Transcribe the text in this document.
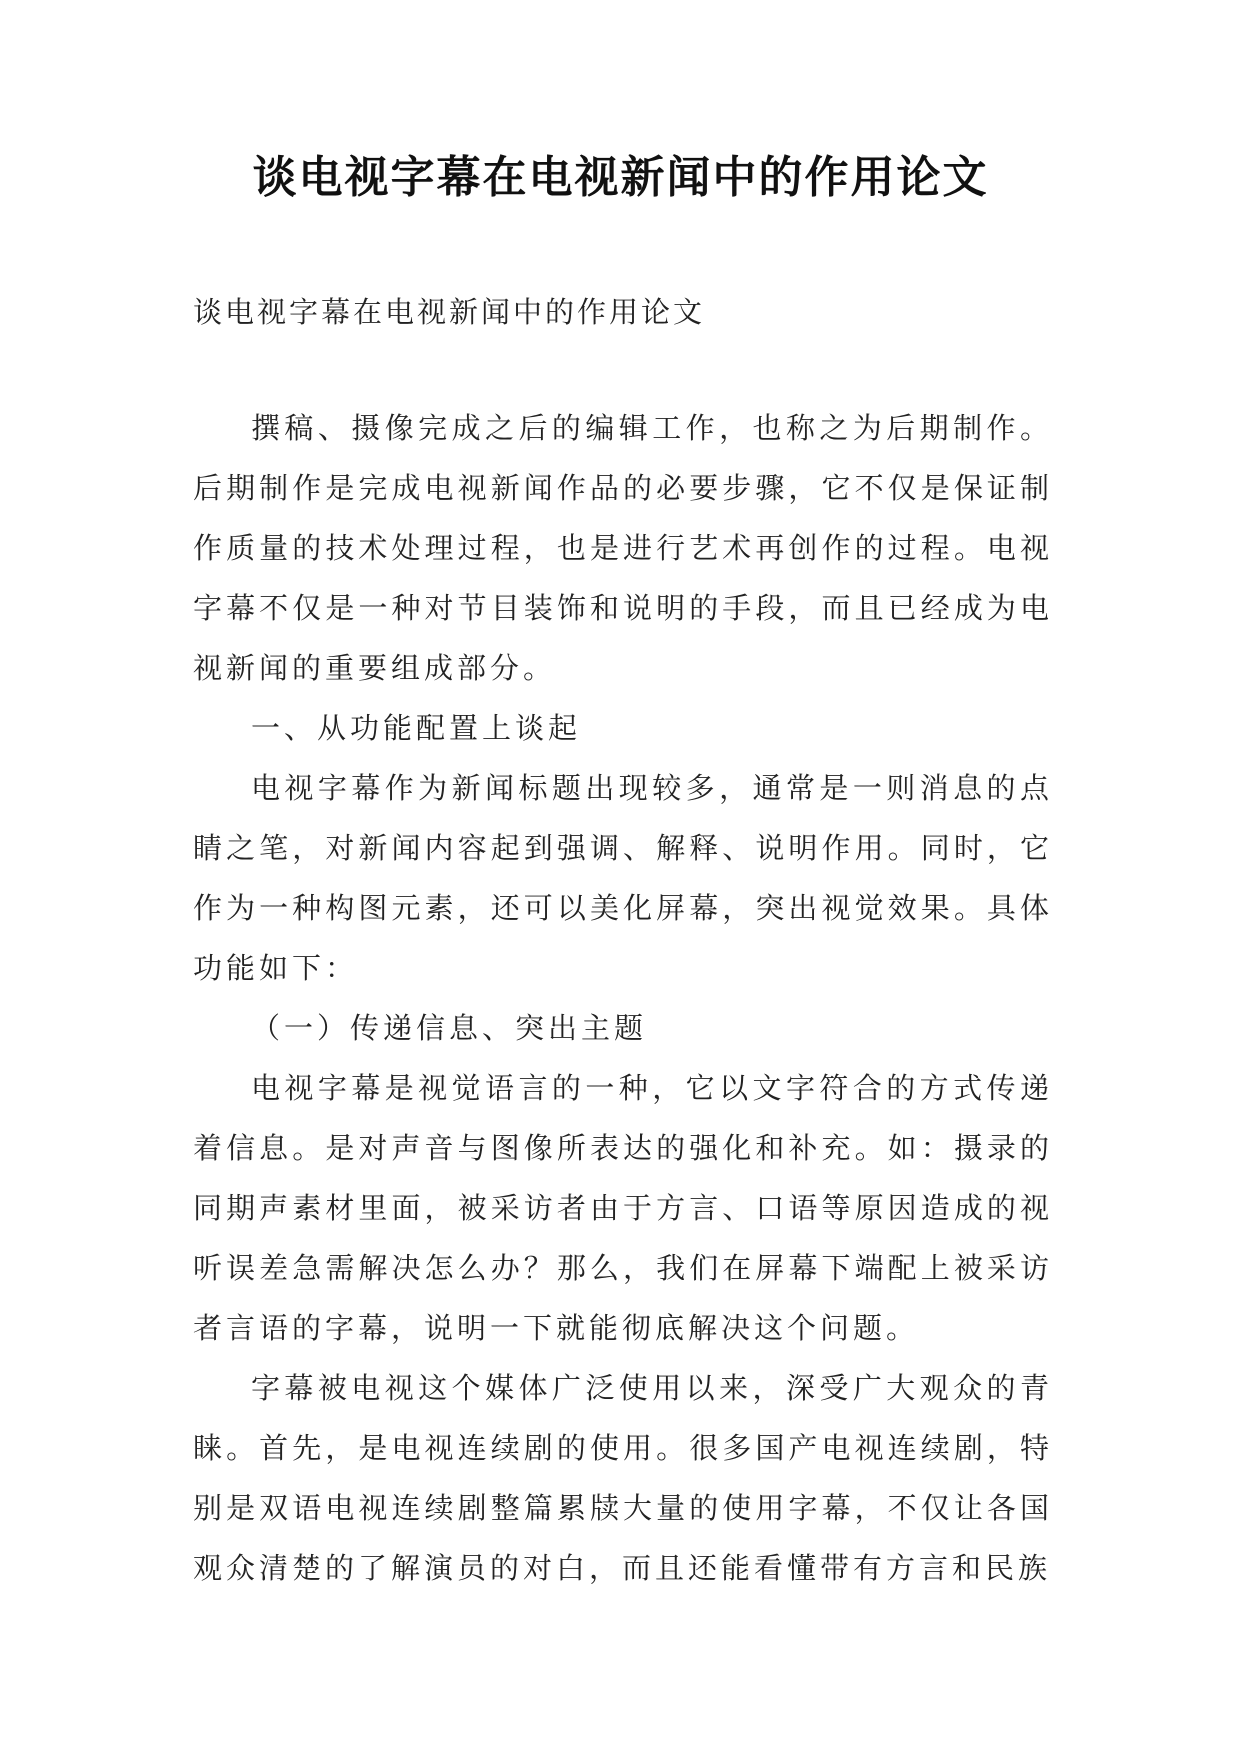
谈电视字幕在电视新闻中的作用论文

谈电视字幕在电视新闻中的作用论文

撰稿、摄像完成之后的编辑工作，也称之为后期制作。后期制作是完成电视新闻作品的必要步骤，它不仅是保证制作质量的技术处理过程，也是进行艺术再创作的过程。电视字幕不仅是一种对节目装饰和说明的手段，而且已经成为电视新闻的重要组成部分。

一、从功能配置上谈起

电视字幕作为新闻标题出现较多，通常是一则消息的点睛之笔，对新闻内容起到强调、解释、说明作用。同时，它作为一种构图元素，还可以美化屏幕，突出视觉效果。具体功能如下：

（一）传递信息、突出主题

电视字幕是视觉语言的一种，它以文字符合的方式传递着信息。是对声音与图像所表达的强化和补充。如：摄录的同期声素材里面，被采访者由于方言、口语等原因造成的视听误差急需解决怎么办？那么，我们在屏幕下端配上被采访者言语的字幕，说明一下就能彻底解决这个问题。

字幕被电视这个媒体广泛使用以来，深受广大观众的青睐。首先，是电视连续剧的使用。很多国产电视连续剧，特别是双语电视连续剧整篇累牍大量的使用字幕，不仅让各国观众清楚的了解演员的对白，而且还能看懂带有方言和民族
